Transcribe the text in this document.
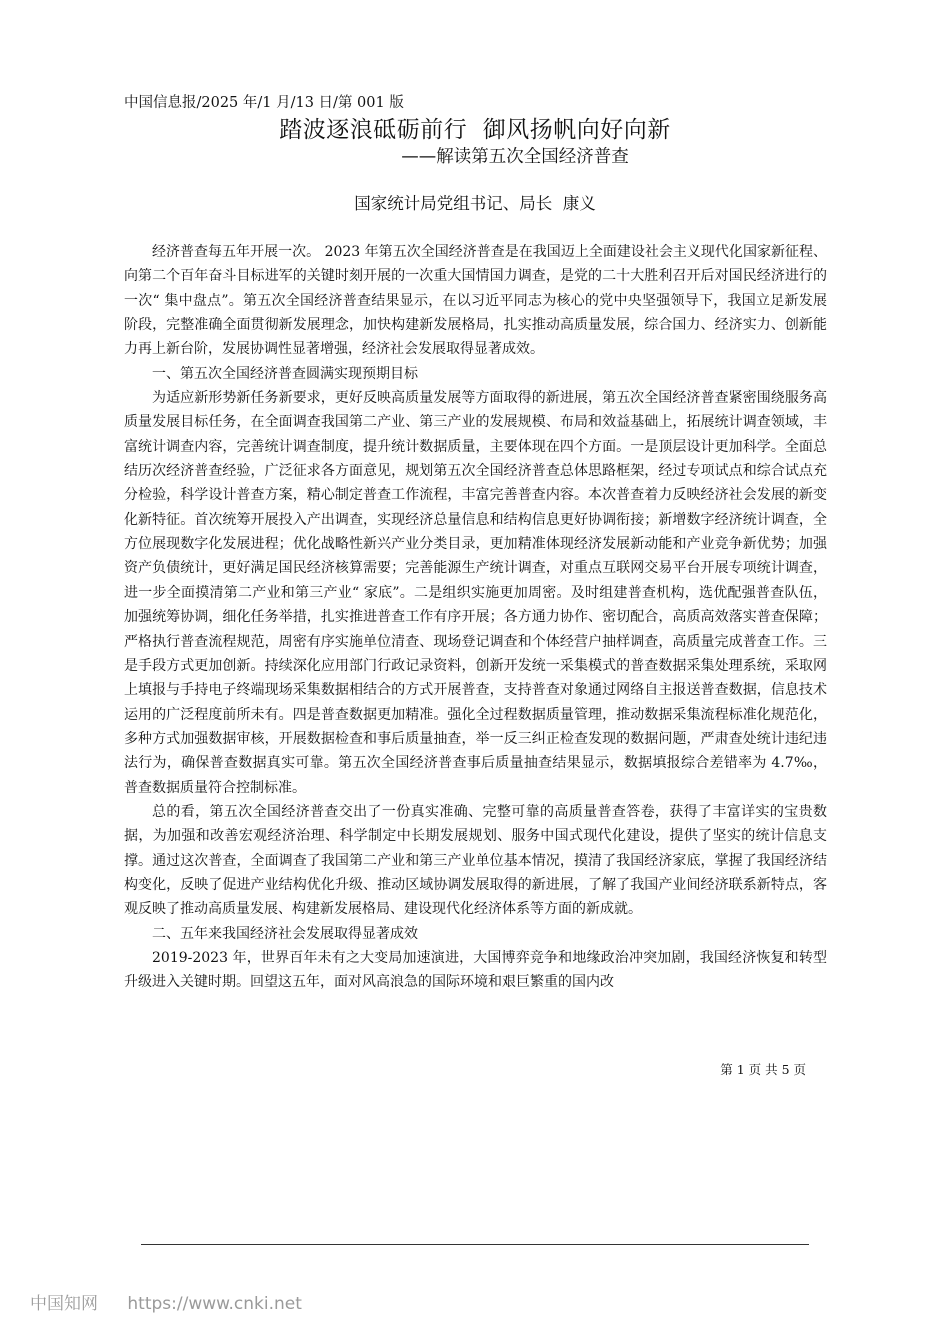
中国信息报/2025 年/1 月/13 日/第 001 版
踏波逐浪砥砺前行  御风扬帆向好向新
——解读第五次全国经济普查
国家统计局党组书记、局长  康义

经济普查每五年开展一次。 2023 年第五次全国经济普查是在我国迈上全面建设社会主义现代化国家新征程、向第二个百年奋斗目标进军的关键时刻开展的一次重大国情国力调查，是党的二十大胜利召开后对国民经济进行的一次“ 集中盘点”。第五次全国经济普查结果显示，在以习近平同志为核心的党中央坚强领导下，我国立足新发展阶段，完整准确全面贯彻新发展理念，加快构建新发展格局，扎实推动高质量发展，综合国力、经济实力、创新能力再上新台阶，发展协调性显著增强，经济社会发展取得显著成效。

一、第五次全国经济普查圆满实现预期目标

为适应新形势新任务新要求，更好反映高质量发展等方面取得的新进展，第五次全国经济普查紧密围绕服务高质量发展目标任务，在全面调查我国第二产业、第三产业的发展规模、布局和效益基础上，拓展统计调查领域，丰富统计调查内容，完善统计调查制度，提升统计数据质量，主要体现在四个方面。一是顶层设计更加科学。全面总结历次经济普查经验，广泛征求各方面意见，规划第五次全国经济普查总体思路框架，经过专项试点和综合试点充分检验，科学设计普查方案，精心制定普查工作流程，丰富完善普查内容。本次普查着力反映经济社会发展的新变化新特征。首次统筹开展投入产出调查，实现经济总量信息和结构信息更好协调衔接；新增数字经济统计调查，全方位展现数字化发展进程；优化战略性新兴产业分类目录，更加精准体现经济发展新动能和产业竞争新优势；加强资产负债统计，更好满足国民经济核算需要；完善能源生产统计调查，对重点互联网交易平台开展专项统计调查，进一步全面摸清第二产业和第三产业“ 家底”。二是组织实施更加周密。及时组建普查机构，选优配强普查队伍，加强统筹协调，细化任务举措，扎实推进普查工作有序开展；各方通力协作、密切配合，高质高效落实普查保障；严格执行普查流程规范，周密有序实施单位清查、现场登记调查和个体经营户抽样调查，高质量完成普查工作。三是手段方式更加创新。持续深化应用部门行政记录资料，创新开发统一采集模式的普查数据采集处理系统，采取网上填报与手持电子终端现场采集数据相结合的方式开展普查，支持普查对象通过网络自主报送普查数据，信息技术运用的广泛程度前所未有。四是普查数据更加精准。强化全过程数据质量管理，推动数据采集流程标准化规范化，多种方式加强数据审核，开展数据检查和事后质量抽查，举一反三纠正检查发现的数据问题，严肃查处统计违纪违法行为，确保普查数据真实可靠。第五次全国经济普查事后质量抽查结果显示，数据填报综合差错率为 4.7‰，普查数据质量符合控制标准。

总的看，第五次全国经济普查交出了一份真实准确、完整可靠的高质量普查答卷，获得了丰富详实的宝贵数据，为加强和改善宏观经济治理、科学制定中长期发展规划、服务中国式现代化建设，提供了坚实的统计信息支撑。通过这次普查，全面调查了我国第二产业和第三产业单位基本情况，摸清了我国经济家底，掌握了我国经济结构变化，反映了促进产业结构优化升级、推动区域协调发展取得的新进展，了解了我国产业间经济联系新特点，客观反映了推动高质量发展、构建新发展格局、建设现代化经济体系等方面的新成就。

二、五年来我国经济社会发展取得显著成效

2019-2023 年，世界百年未有之大变局加速演进，大国博弈竞争和地缘政治冲突加剧，我国经济恢复和转型升级进入关键时期。回望这五年，面对风高浪急的国际环境和艰巨繁重的国内改

第 1 页 共 5 页
中国知网 https://www.cnki.net
